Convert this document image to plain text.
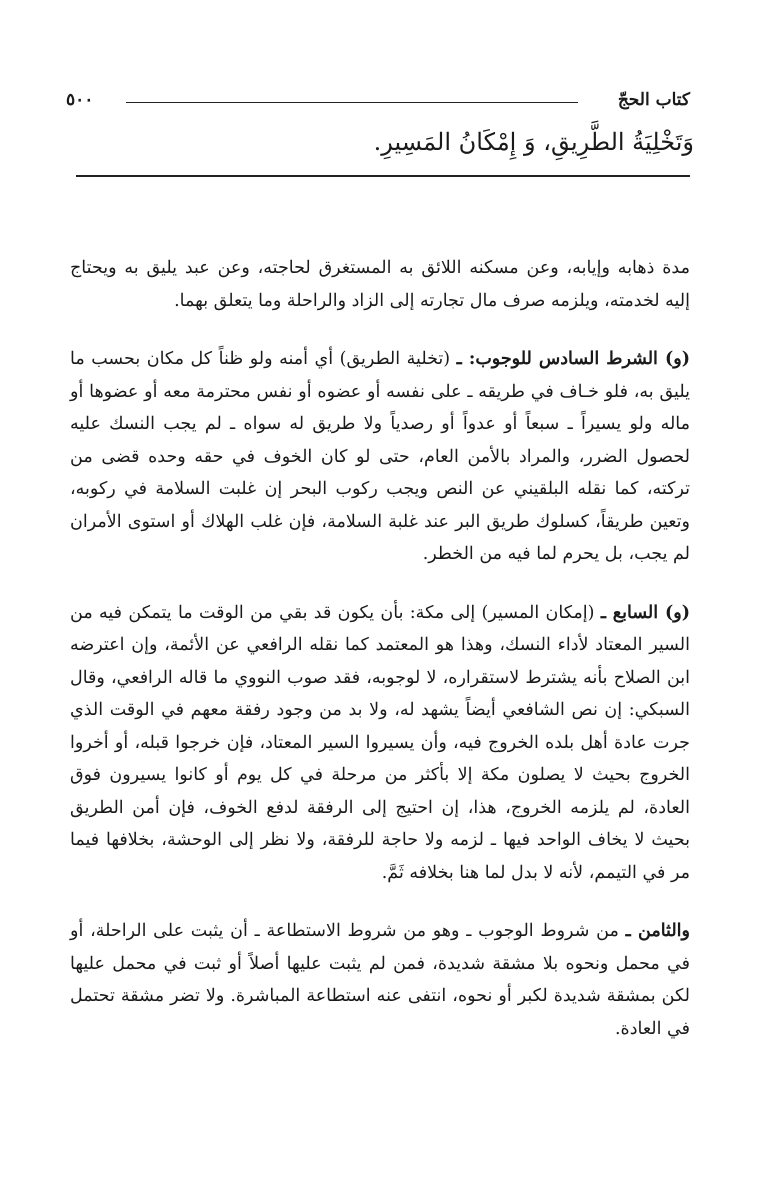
كتاب الحجّ
٥٠٠
وَتَخْلِيَةُ الطَّرِيقِ، وَ إِمْكَانُ المَسِيرِ.

مدة ذهابه وإيابه، وعن مسكنه اللائق به المستغرق لحاجته، وعن عبد يليق به ويحتاج إليه لخدمته، ويلزمه صرف مال تجارته إلى الزاد والراحلة وما يتعلق بهما.

(و) الشرط السادس للوجوب: ـ (تخلية الطريق) أي أمنه ولو ظناً كل مكان بحسب ما يليق به، فلو خـاف في طريقه ـ على نفسه أو عضوه أو نفس محترمة معه أو عضوها أو ماله ولو يسيراً ـ سبعاً أو عدواً أو رصدياً ولا طريق له سواه ـ لم يجب النسك عليه لحصول الضرر، والمراد بالأمن العام، حتى لو كان الخوف في حقه وحده قضى من تركته، كما نقله البلقيني عن النص ويجب ركوب البحر إن غلبت السلامة في ركوبه، وتعين طريقاً، كسلوك طريق البر عند غلبة السلامة، فإن غلب الهلاك أو استوى الأمران لم يجب، بل يحرم لما فيه من الخطر.

(و) السابع ـ (إمكان المسير) إلى مكة: بأن يكون قد بقي من الوقت ما يتمكن فيه من السير المعتاد لأداء النسك، وهذا هو المعتمد كما نقله الرافعي عن الأئمة، وإن اعترضه ابن الصلاح بأنه يشترط لاستقراره، لا لوجوبه، فقد صوب النووي ما قاله الرافعي، وقال السبكي: إن نص الشافعي أيضاً يشهد له، ولا بد من وجود رفقة معهم في الوقت الذي جرت عادة أهل بلده الخروج فيه، وأن يسيروا السير المعتاد، فإن خرجوا قبله، أو أخروا الخروج بحيث لا يصلون مكة إلا بأكثر من مرحلة في كل يوم أو كانوا يسيرون فوق العادة، لم يلزمه الخروج، هذا، إن احتيج إلى الرفقة لدفع الخوف، فإن أمن الطريق بحيث لا يخاف الواحد فيها ـ لزمه ولا حاجة للرفقة، ولا نظر إلى الوحشة، بخلافها فيما مر في التيمم، لأنه لا بدل لما هنا بخلافه ثَمَّ.

والثامن ـ من شروط الوجوب ـ وهو من شروط الاستطاعة ـ أن يثبت على الراحلة، أو في محمل ونحوه بلا مشقة شديدة، فمن لم يثبت عليها أصلاً أو ثبت في محمل عليها لكن بمشقة شديدة لكبر أو نحوه، انتفى عنه استطاعة المباشرة. ولا تضر مشقة تحتمل في العادة.
